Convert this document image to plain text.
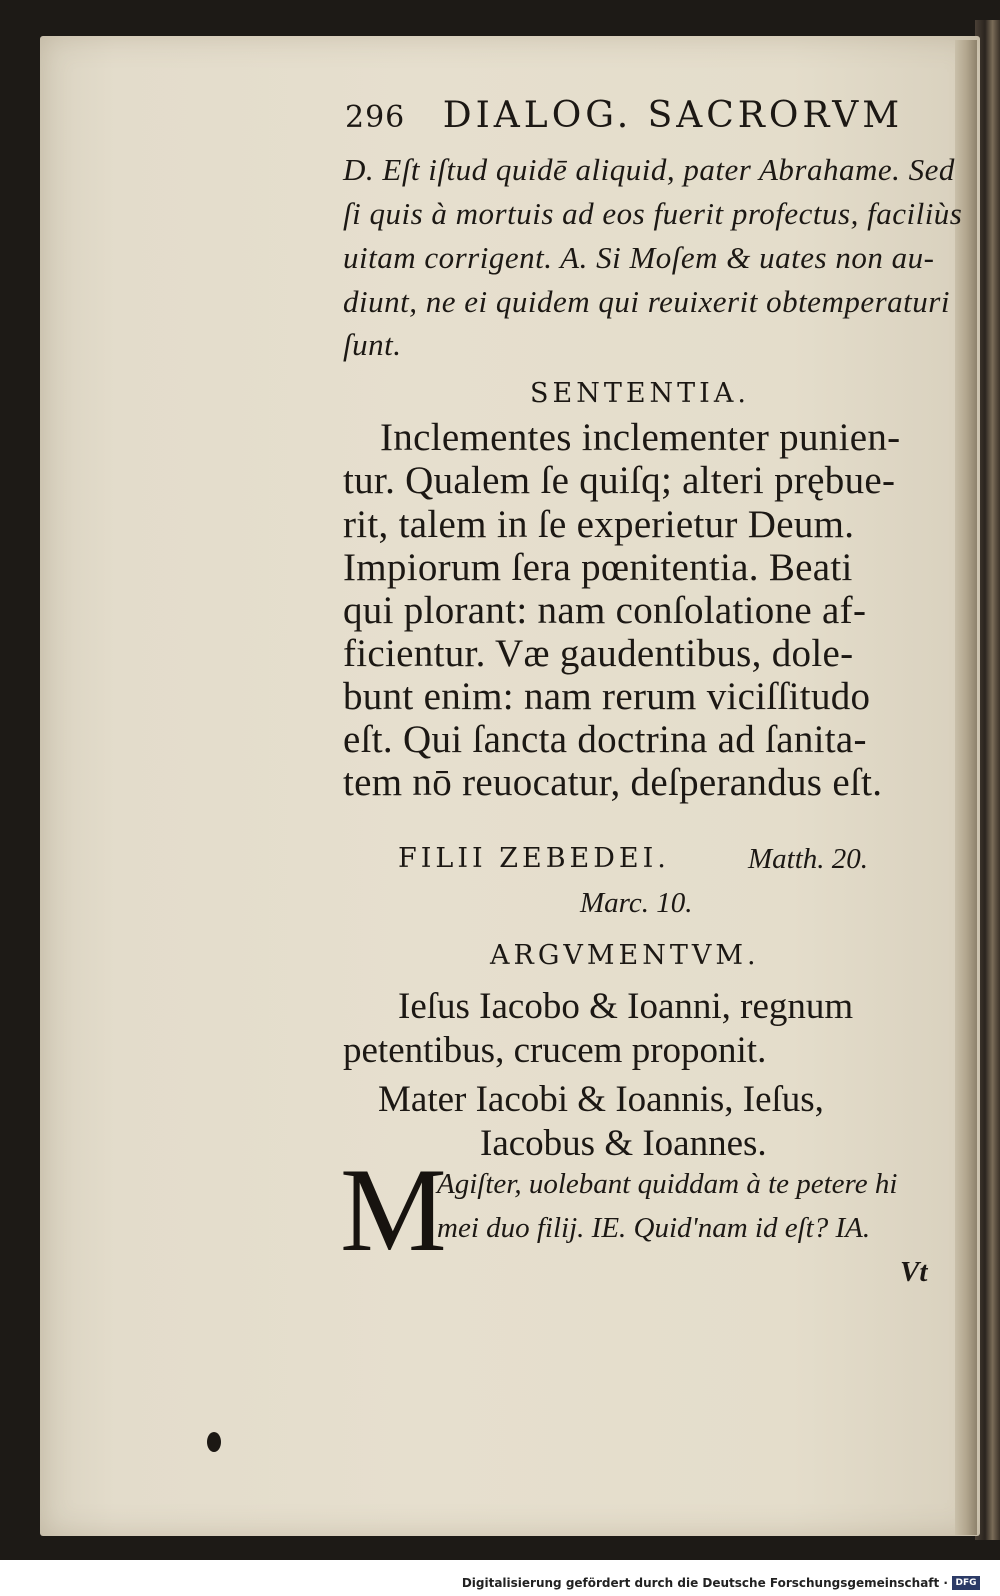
296 DIALOG. SACRORVM
D. Eſt iſtud quidē aliquid, pater Abrahame. Sed
ſi quis à mortuis ad eos fuerit profectus, faciliùs
uitam corrigent. A. Si Moſem & uates non au-
diunt, ne ei quidem qui reuixerit obtemperaturi
ſunt.
SENTENTIA.
Inclementes inclementer punien-
tur. Qualem ſe quiſq; alteri prębue-
rit, talem in ſe experietur Deum.
Impiorum ſera pœnitentia. Beati
qui plorant: nam conſolatione af-
ficientur. Væ gaudentibus, dole-
bunt enim: nam rerum viciſſitudo
eſt. Qui ſancta doctrina ad ſanita-
tem nō reuocatur, deſperandus eſt.
FILII ZEBEDEI.	Matth. 20.
Marc. 10.
ARGVMENTVM.
Ieſus Iacobo & Ioanni, regnum
petentibus, crucem proponit.
Mater Iacobi & Ioannis, Ieſus,
Iacobus & Ioannes.
M
Agiſter, uolebant quiddam à te petere hi
mei duo filij. IE. Quid'nam id eſt? IA.
Vt
Digitalisierung gefördert durch die Deutsche Forschungsgemeinschaft · DFG
